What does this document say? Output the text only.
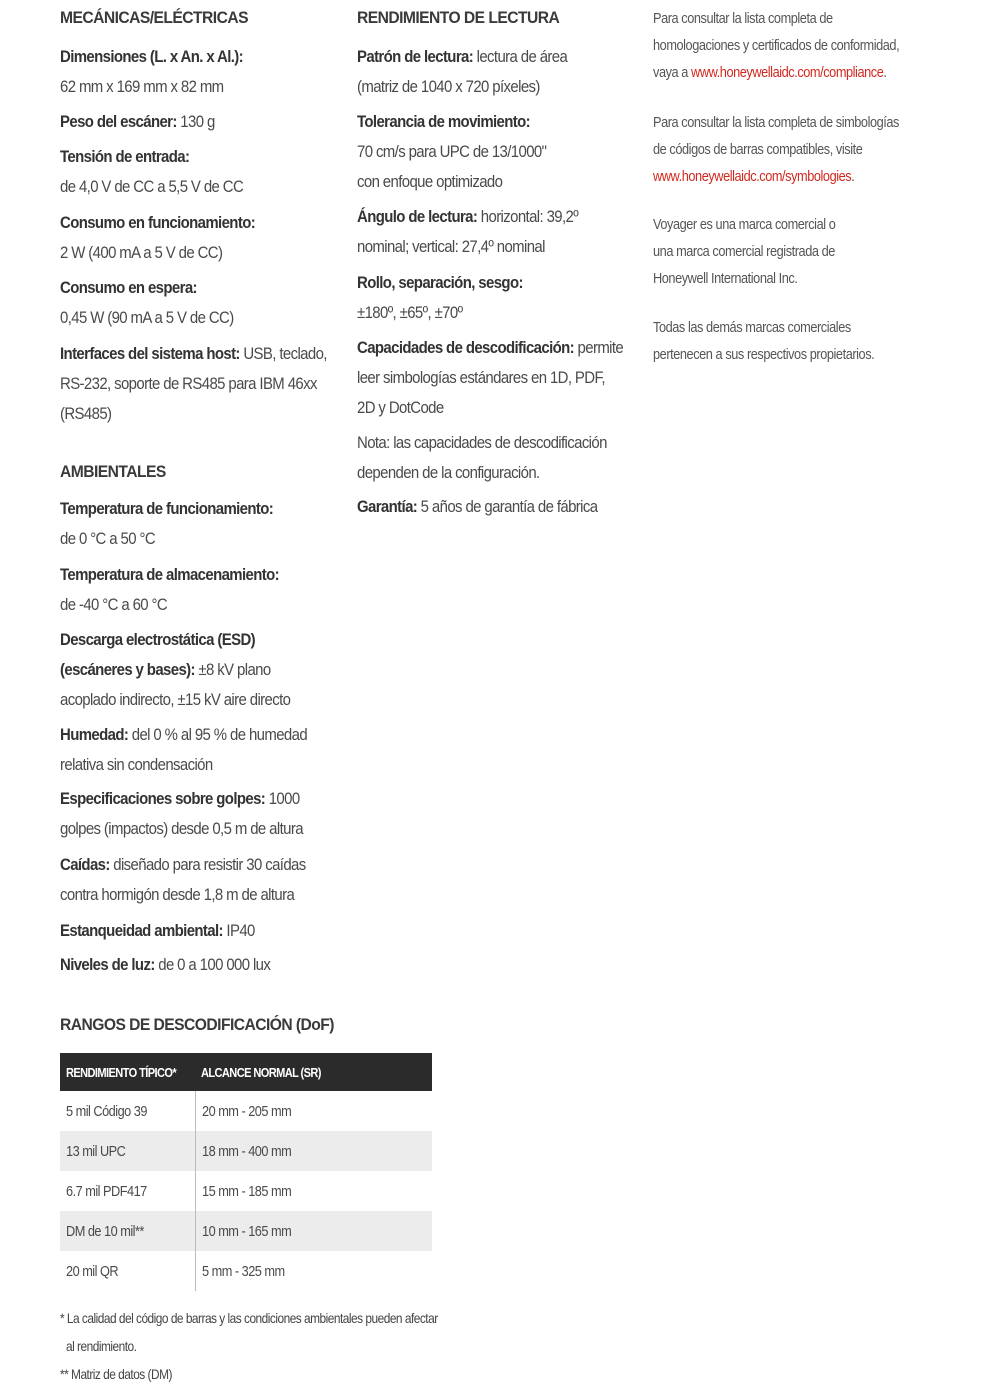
MECÁNICAS/ELÉCTRICAS
Dimensiones (L. x An. x Al.):
62 mm x 169 mm x 82 mm
Peso del escáner: 130 g
Tensión de entrada:
de 4,0 V de CC a 5,5 V de CC
Consumo en funcionamiento:
2 W (400 mA a 5 V de CC)
Consumo en espera:
0,45 W (90 mA a 5 V de CC)
Interfaces del sistema host: USB, teclado,
RS-232, soporte de RS485 para IBM 46xx
(RS485)
AMBIENTALES
Temperatura de funcionamiento:
de 0 °C a 50 °C
Temperatura de almacenamiento:
de -40 °C a 60 °C
Descarga electrostática (ESD)
(escáneres y bases): ±8 kV plano
acoplado indirecto, ±15 kV aire directo
Humedad: del 0 % al 95 % de humedad
relativa sin condensación
Especificaciones sobre golpes: 1000
golpes (impactos) desde 0,5 m de altura
Caídas: diseñado para resistir 30 caídas
contra hormigón desde 1,8 m de altura
Estanqueidad ambiental: IP40
Niveles de luz: de 0 a 100 000 lux
RANGOS DE DESCODIFICACIÓN (DoF)
RENDIMIENTO DE LECTURA
Patrón de lectura: lectura de área
(matriz de 1040 x 720 píxeles)
Tolerancia de movimiento:
70 cm/s para UPC de 13/1000"
con enfoque optimizado
Ángulo de lectura: horizontal: 39,2º
nominal; vertical: 27,4º nominal
Rollo, separación, sesgo:
±180º, ±65º, ±70º
Capacidades de descodificación: permite
leer simbologías estándares en 1D, PDF,
2D y DotCode
Nota: las capacidades de descodificación
dependen de la configuración.
Garantía: 5 años de garantía de fábrica
Para consultar la lista completa de
homologaciones y certificados de conformidad,
vaya a www.honeywellaidc.com/compliance.
Para consultar la lista completa de simbologías
de códigos de barras compatibles, visite
www.honeywellaidc.com/symbologies.
Voyager es una marca comercial o
una marca comercial registrada de
Honeywell International Inc.
Todas las demás marcas comerciales
pertenecen a sus respectivos propietarios.
RENDIMIENTO TÍPICO*	ALCANCE NORMAL (SR)
5 mil Código 39	20 mm - 205 mm
13 mil UPC	18 mm - 400 mm
6.7 mil PDF417	15 mm - 185 mm
DM de 10 mil**	10 mm - 165 mm
20 mil QR	5 mm - 325 mm
* La calidad del código de barras y las condiciones ambientales pueden afectar
al rendimiento.
** Matriz de datos (DM)
